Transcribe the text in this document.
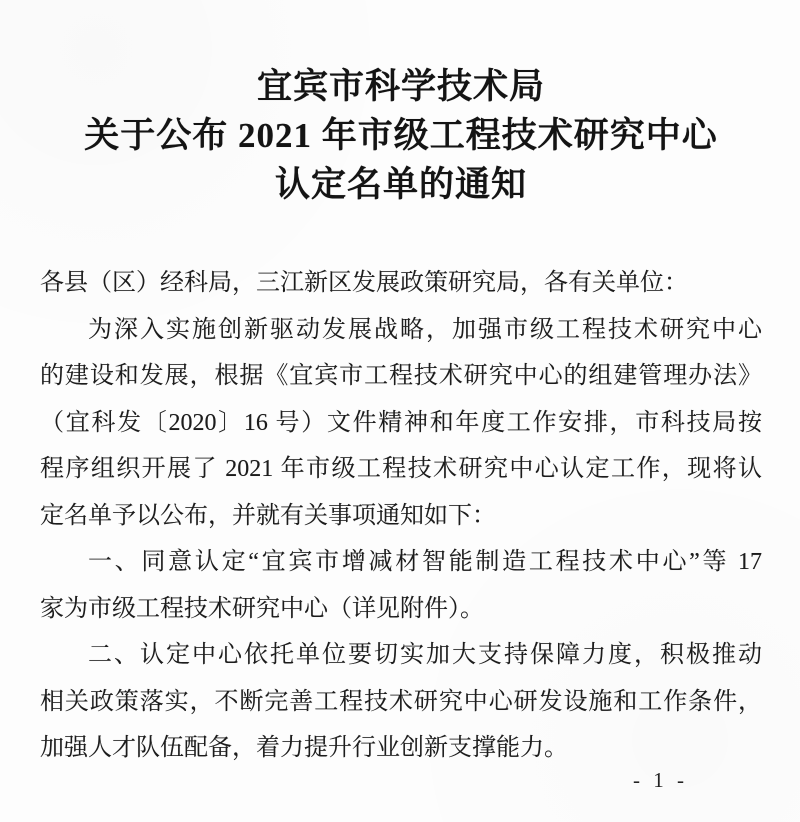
宜宾市科学技术局
关于公布 2021 年市级工程技术研究中心
认定名单的通知

各县（区）经科局，三江新区发展政策研究局，各有关单位：

为深入实施创新驱动发展战略，加强市级工程技术研究中心

的建设和发展，根据《宜宾市工程技术研究中心的组建管理办法》

（宜科发〔2020〕16 号）文件精神和年度工作安排，市科技局按

程序组织开展了 2021 年市级工程技术研究中心认定工作，现将认

定名单予以公布，并就有关事项通知如下：

一、同意认定“宜宾市增减材智能制造工程技术中心”等 17

家为市级工程技术研究中心（详见附件）。

二、认定中心依托单位要切实加大支持保障力度，积极推动

相关政策落实，不断完善工程技术研究中心研发设施和工作条件，

加强人才队伍配备，着力提升行业创新支撑能力。

- 1 -
